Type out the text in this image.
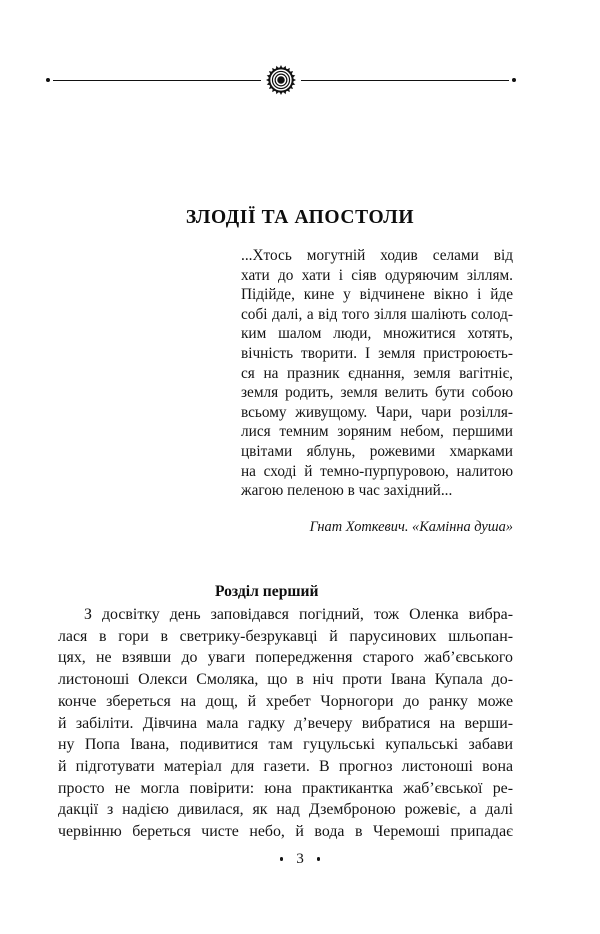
ЗЛОДІЇ ТА АПОСТОЛИ
...Хтось могутній ходив селами від
хати до хати і сіяв одуряючим зіллям.
Підійде, кине у відчинене вікно і йде
собі далі, а від того зілля шаліють солод-
ким шалом люди, множитися хотять,
вічність творити. І земля пристроюєть-
ся на празник єднання, земля вагітніє,
земля родить, земля велить бути собою
всьому живущому. Чари, чари розілля-
лися темним зоряним небом, першими
цвітами яблунь, рожевими хмарками
на сході й темно-пурпуровою, налитою
жагою пеленою в час західний...
Гнат Хоткевич. «Камінна душа»
Розділ перший
З досвітку день заповідався погідний, тож Оленка вибра-
лася в гори в светрику-безрукавці й парусинових шльопан-
цях, не взявши до уваги попередження старого жаб’євського
листоноші Олекси Смоляка, що в ніч проти Івана Купала до-
конче збереться на дощ, й хребет Чорногори до ранку може
й забіліти. Дівчина мала гадку д’вечеру вибратися на верши-
ну Попа Івана, подивитися там гуцульські купальські забави
й підготувати матеріал для газети. В прогноз листоноші вона
просто не могла повірити: юна практикантка жаб’євської ре-
дакції з надією дивилася, як над Дземброною рожевіє, а далі
червінню береться чисте небо, й вода в Черемоші припадає
3
